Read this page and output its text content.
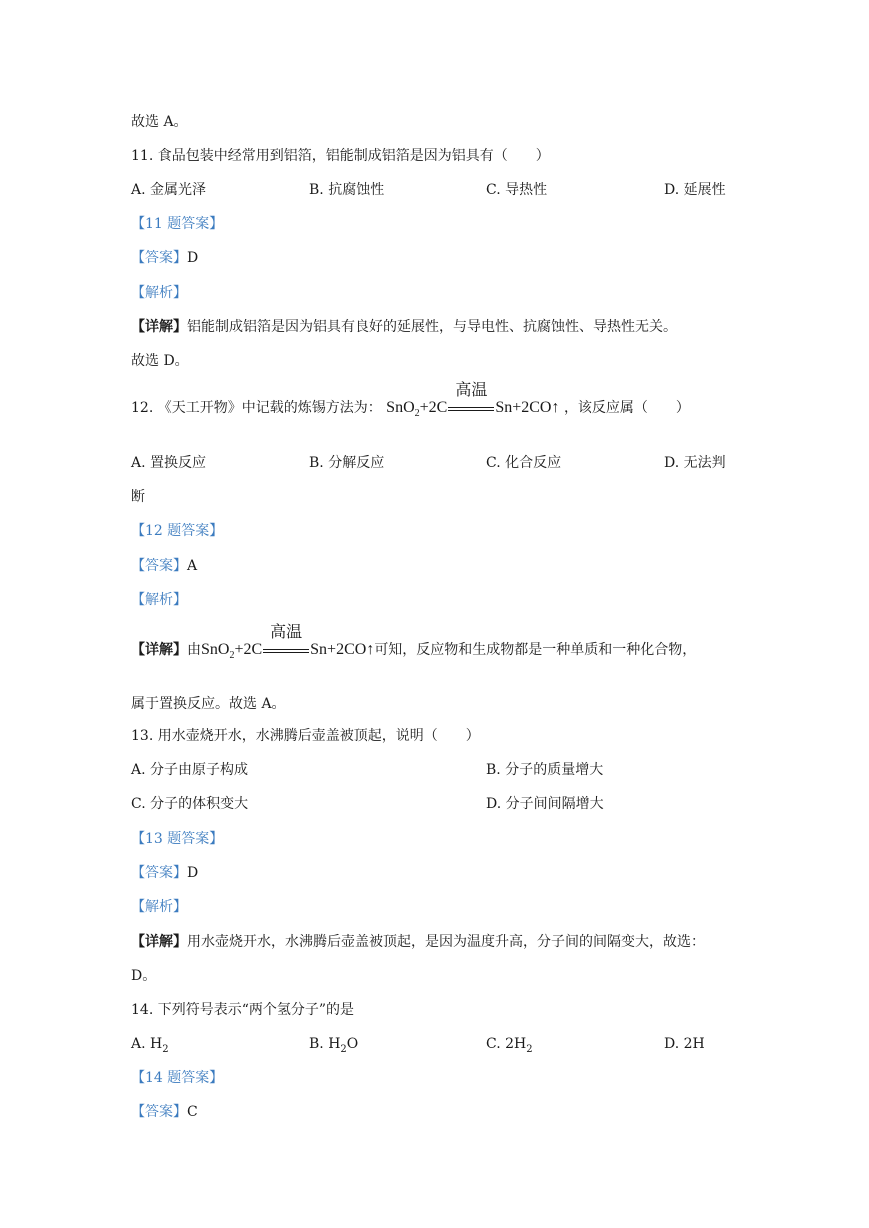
故选 A。
11. 食品包装中经常用到铝箔，铝能制成铝箔是因为铝具有（　　）
A. 金属光泽	B. 抗腐蚀性	C. 导热性	D. 延展性
【11 题答案】
【答案】D
【解析】
【详解】铝能制成铝箔是因为铝具有良好的延展性，与导电性、抗腐蚀性、导热性无关。
故选 D。
12. 《天工开物》中记载的炼锡方法为： SnO$_2$+2C
高温
Sn+2CO↑ ，该反应属（　　）
A. 置换反应	B. 分解反应	C. 化合反应	D. 无法判
断
【12 题答案】
【答案】A
【解析】
【详解】由SnO$_2$+2C
高温
Sn+2CO↑可知，反应物和生成物都是一种单质和一种化合物，
属于置换反应。故选 A。
13. 用水壶烧开水，水沸腾后壶盖被顶起，说明（　　）
A. 分子由原子构成	B. 分子的质量增大
C. 分子的体积变大	D. 分子间间隔增大
【13 题答案】
【答案】D
【解析】
【详解】用水壶烧开水，水沸腾后壶盖被顶起，是因为温度升高，分子间的间隔变大，故选：
D。
14. 下列符号表示“两个氢分子”的是
A. $H_2$	B. $H_2O$	C. $2H_2$	D. 2H
【14 题答案】
【答案】C
